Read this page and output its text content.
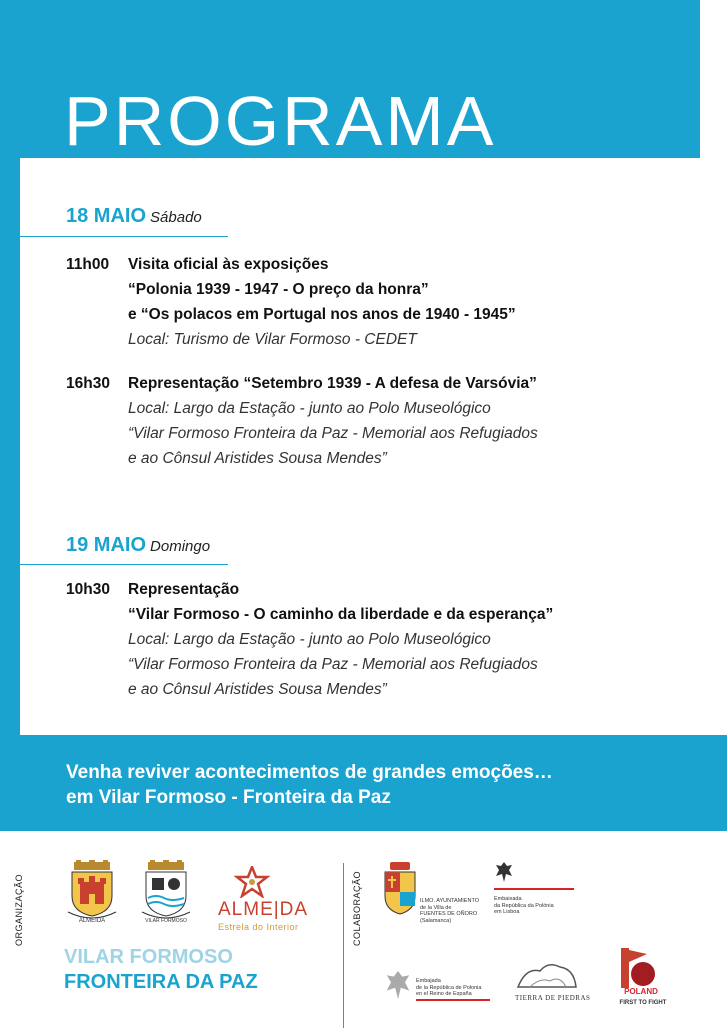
PROGRAMA
18 MAIO Sábado
11h00	Visita oficial às exposições
“Polonia 1939 - 1947 - O preço da honra”
e “Os polacos em Portugal nos anos de 1940 - 1945”
Local: Turismo de Vilar Formoso - CEDET
16h30	Representação “Setembro 1939 - A defesa de Varsóvia”
Local: Largo da Estação - junto ao Polo Museológico
“Vilar Formoso Fronteira da Paz - Memorial aos Refugiados
e ao Cônsul Aristides Sousa Mendes”
19 MAIO Domingo
10h30	Representação
“Vilar Formoso - O caminho da liberdade e da esperança”
Local: Largo da Estação - junto ao Polo Museológico
“Vilar Formoso Fronteira da Paz - Memorial aos Refugiados
e ao Cônsul Aristides Sousa Mendes”
Venha reviver acontecimentos de grandes emoções…
em Vilar Formoso - Fronteira da Paz
ORGANIZAÇÃO	COLABORAÇÃO
ALMEIDA	VILAR FORMOSO
ALME|DA
Estrela do Interior
VILAR FORMOSO
FRONTEIRA DA PAZ
ILMO. AYUNTAMIENTO
de la Villa de
FUENTES DE OÑORO
(Salamanca)
Embaixada
da República da Polónia
em Lisboa
Embajada
de la República de Polonia
en el Reino de España	TIERRA DE PIEDRAS
POLAND
FIRST TO FIGHT
